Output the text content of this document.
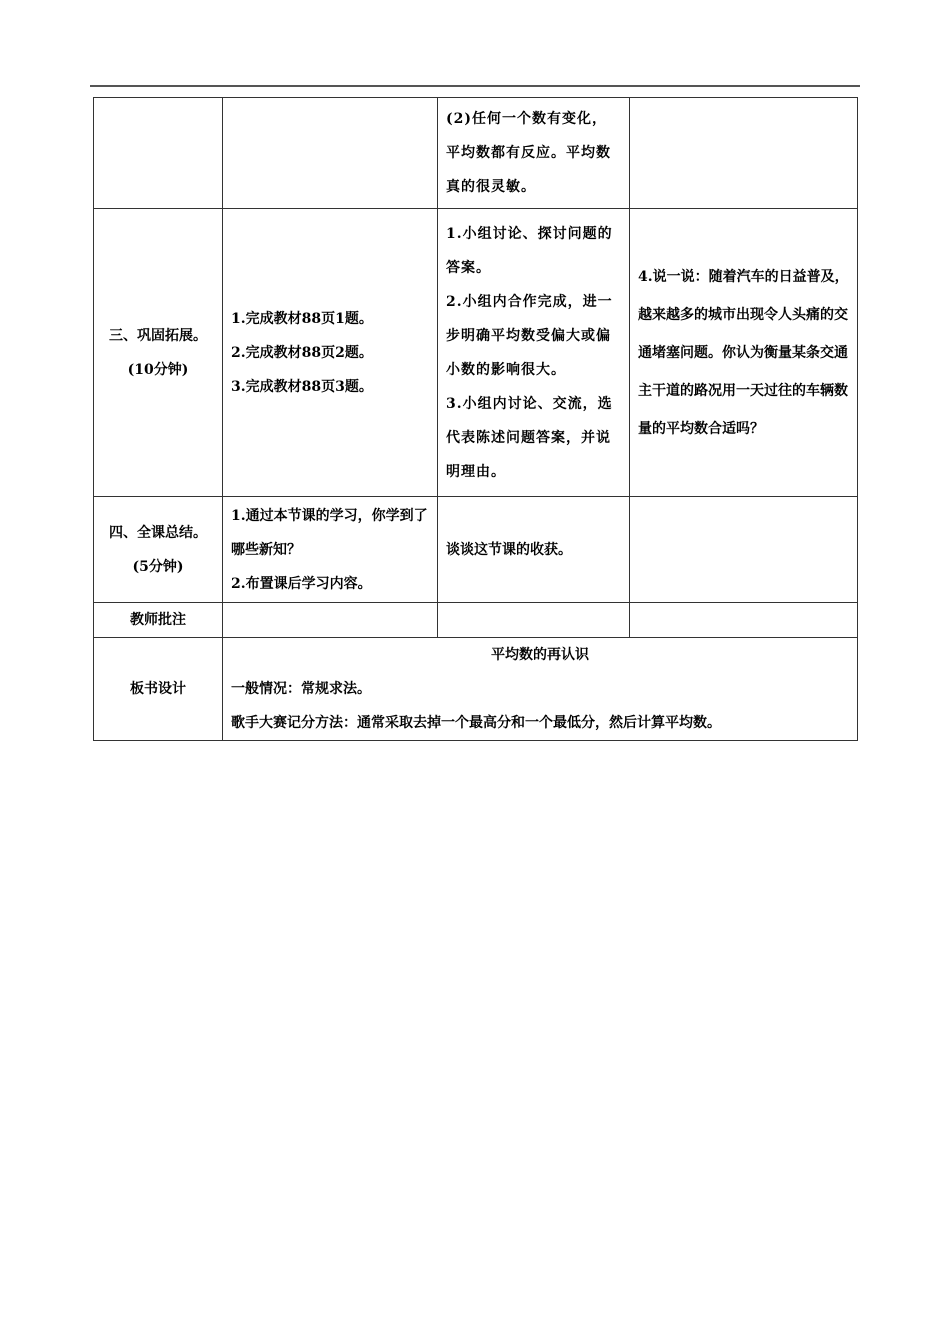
		(2)任何一个数有变化，平均数都有反应。平均数真的很灵敏。	

三、巩固拓展。
(10分钟)	1.完成教材88页1题。
2.完成教材88页2题。
3.完成教材88页3题。	1.小组讨论、探讨问题的答案。
2.小组内合作完成，进一步明确平均数受偏大或偏小数的影响很大。
3.小组内讨论、交流，选代表陈述问题答案，并说明理由。	4.说一说：随着汽车的日益普及，越来越多的城市出现令人头痛的交通堵塞问题。你认为衡量某条交通主干道的路况用一天过往的车辆数量的平均数合适吗？

四、全课总结。
(5分钟)	1.通过本节课的学习，你学到了哪些新知？
2.布置课后学习内容。	谈谈这节课的收获。	

教师批注			
板书设计	平均数的再认识
一般情况：常规求法。
歌手大赛记分方法：通常采取去掉一个最高分和一个最低分，然后计算平均数。		
